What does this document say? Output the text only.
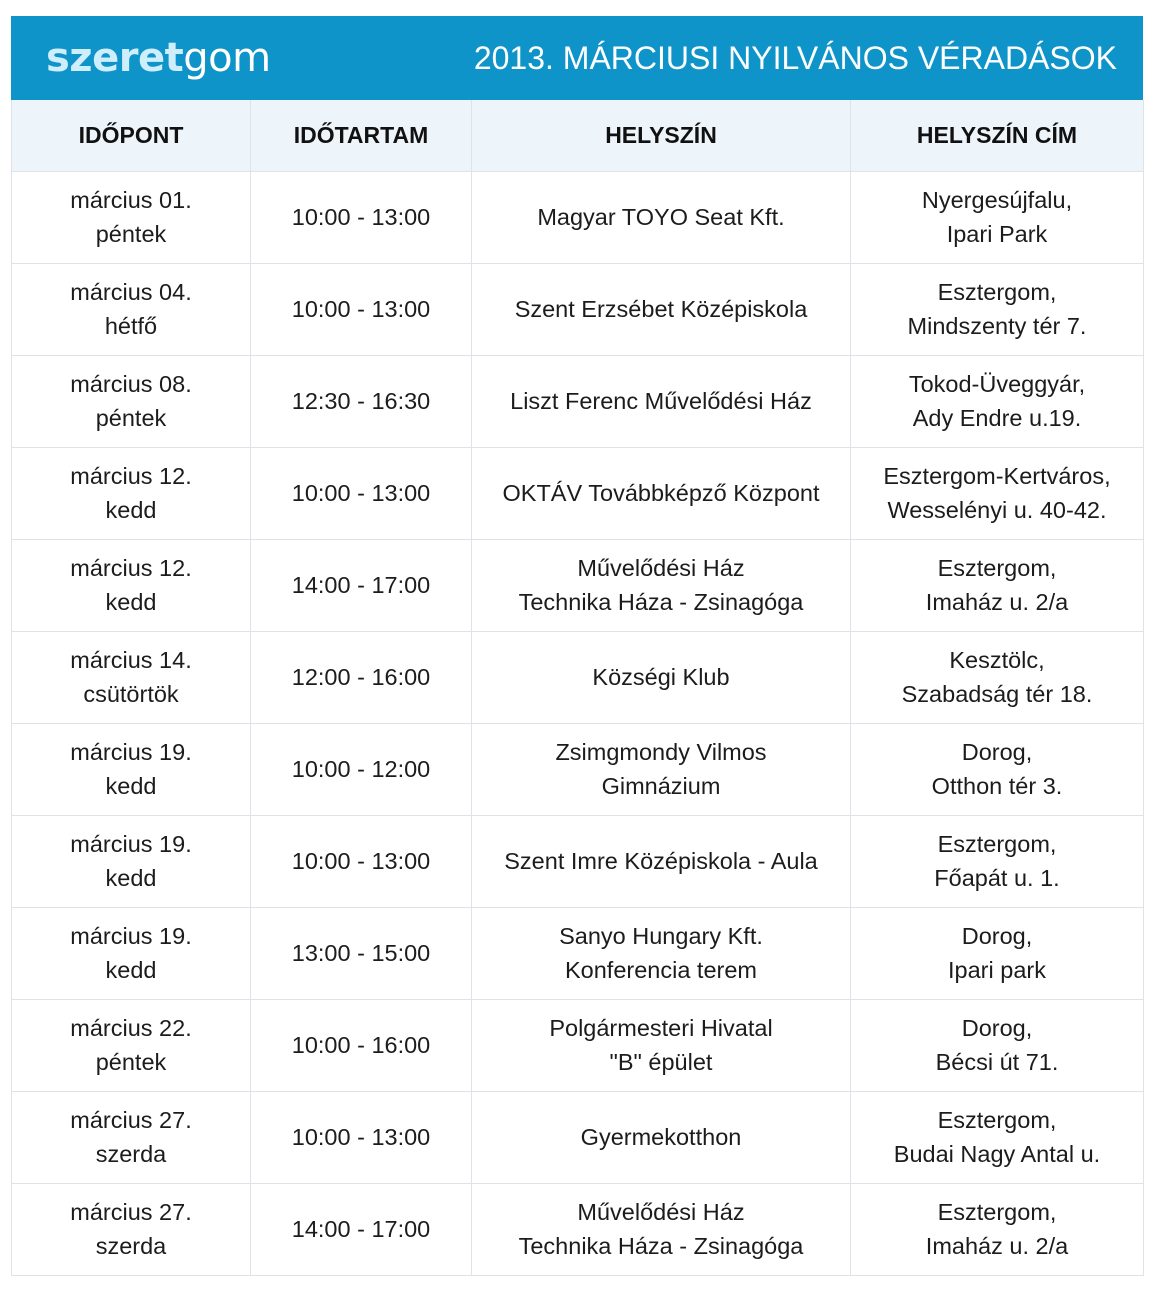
szeretgom	2013. MÁRCIUSI NYILVÁNOS VÉRADÁSOK
IDŐPONT	IDŐTARTAM	HELYSZÍN	HELYSZÍN CÍM

március 01.
péntek	10:00 - 13:00	Magyar TOYO Seat Kft.	Nyergesújfalu,
Ipari Park

március 04.
hétfő	10:00 - 13:00	Szent Erzsébet Középiskola	Esztergom,
Mindszenty tér 7.

március 08.
péntek	12:30 - 16:30	Liszt Ferenc Művelődési Ház	Tokod-Üveggyár,
Ady Endre u.19.

március 12.
kedd	10:00 - 13:00	OKTÁV Továbbképző Központ	Esztergom-Kertváros,
Wesselényi u. 40-42.

március 12.
kedd	14:00 - 17:00	Művelődési Ház
Technika Háza - Zsinagóga	Esztergom,
Imaház u. 2/a

március 14.
csütörtök	12:00 - 16:00	Községi Klub	Kesztölc,
Szabadság tér 18.

március 19.
kedd	10:00 - 12:00	Zsimgmondy Vilmos
Gimnázium	Dorog,
Otthon tér 3.

március 19.
kedd	10:00 - 13:00	Szent Imre Középiskola - Aula	Esztergom,
Főapát u. 1.

március 19.
kedd	13:00 - 15:00	Sanyo Hungary Kft.
Konferencia terem	Dorog,
Ipari park

március 22.
péntek	10:00 - 16:00	Polgármesteri Hivatal
"B" épület	Dorog,
Bécsi út 71.

március 27.
szerda	10:00 - 13:00	Gyermekotthon	Esztergom,
Budai Nagy Antal u.

március 27.
szerda	14:00 - 17:00	Művelődési Ház
Technika Háza - Zsinagóga	Esztergom,
Imaház u. 2/a
